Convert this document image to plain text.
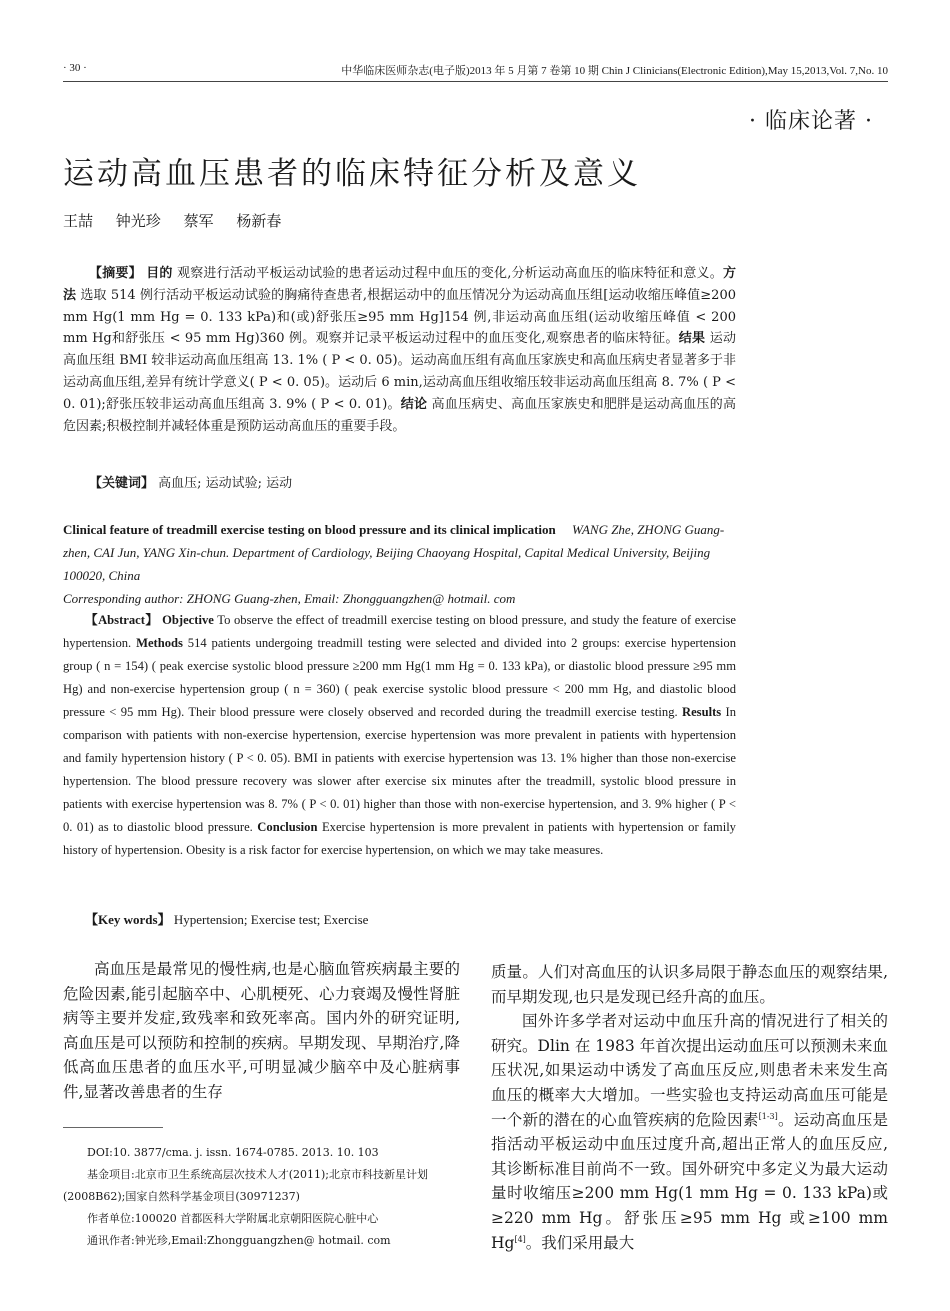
· 30 ·	中华临床医师杂志(电子版)2013 年 5 月第 7 卷第 10 期 Chin J Clinicians(Electronic Edition),May 15,2013,Vol. 7,No. 10
· 临床论著 ·
运动高血压患者的临床特征分析及意义
王喆 钟光珍 蔡军 杨新春

【摘要】 目的 观察进行活动平板运动试验的患者运动过程中血压的变化,分析运动高血压的临床特征和意义。方法 选取 514 例行活动平板运动试验的胸痛待查患者,根据运动中的血压情况分为运动高血压组[运动收缩压峰值≥200 mm Hg(1 mm Hg = 0. 133 kPa)和(或)舒张压≥95 mm Hg]154 例,非运动高血压组(运动收缩压峰值 < 200 mm Hg和舒张压 < 95 mm Hg)360 例。观察并记录平板运动过程中的血压变化,观察患者的临床特征。结果 运动高血压组 BMI 较非运动高血压组高 13. 1% ( P < 0. 05)。运动高血压组有高血压家族史和高血压病史者显著多于非运动高血压组,差异有统计学意义( P < 0. 05)。运动后 6 min,运动高血压组收缩压较非运动高血压组高 8. 7% ( P < 0. 01);舒张压较非运动高血压组高 3. 9% ( P < 0. 01)。结论 高血压病史、高血压家族史和肥胖是运动高血压的高危因素;积极控制并减轻体重是预防运动高血压的重要手段。

【关键词】 高血压; 运动试验; 运动
Clinical feature of treadmill exercise testing on blood pressure and its clinical implication WANG Zhe, ZHONG Guang-zhen, CAI Jun, YANG Xin-chun. Department of Cardiology, Beijing Chaoyang Hospital, Capital Medical University, Beijing 100020, China
Corresponding author: ZHONG Guang-zhen, Email: Zhongguangzhen@ hotmail. com

【Abstract】 Objective To observe the effect of treadmill exercise testing on blood pressure, and study the feature of exercise hypertension. Methods 514 patients undergoing treadmill testing were selected and divided into 2 groups: exercise hypertension group ( n = 154) ( peak exercise systolic blood pressure ≥200 mm Hg(1 mm Hg = 0. 133 kPa), or diastolic blood pressure ≥95 mm Hg) and non-exercise hypertension group ( n = 360) ( peak exercise systolic blood pressure < 200 mm Hg, and diastolic blood pressure < 95 mm Hg). Their blood pressure were closely observed and recorded during the treadmill exercise testing. Results In comparison with patients with non-exercise hypertension, exercise hypertension was more prevalent in patients with hypertension and family hypertension history ( P < 0. 05). BMI in patients with exercise hypertension was 13. 1% higher than those non-exercise hypertension. The blood pressure recovery was slower after exercise six minutes after the treadmill, systolic blood pressure in patients with exercise hypertension was 8. 7% ( P < 0. 01) higher than those with non-exercise hypertension, and 3. 9% higher ( P < 0. 01) as to diastolic blood pressure. Conclusion Exercise hypertension is more prevalent in patients with hypertension or family history of hypertension. Obesity is a risk factor for exercise hypertension, on which we may take measures.

【Key words】 Hypertension; Exercise test; Exercise

高血压是最常见的慢性病,也是心脑血管疾病最主要的危险因素,能引起脑卒中、心肌梗死、心力衰竭及慢性肾脏病等主要并发症,致残率和致死率高。国内外的研究证明,高血压是可以预防和控制的疾病。早期发现、早期治疗,降低高血压患者的血压水平,可明显减少脑卒中及心脏病事件,显著改善患者的生存

质量。人们对高血压的认识多局限于静态血压的观察结果,而早期发现,也只是发现已经升高的血压。

国外许多学者对运动中血压升高的情况进行了相关的研究。Dlin 在 1983 年首次提出运动血压可以预测未来血压状况,如果运动中诱发了高血压反应,则患者未来发生高血压的概率大大增加。一些实验也支持运动高血压可能是一个新的潜在的心血管疾病的危险因素[1-3]。运动高血压是指活动平板运动中血压过度升高,超出正常人的血压反应,其诊断标准目前尚不一致。国外研究中多定义为最大运动量时收缩压≥200 mm Hg(1 mm Hg = 0. 133 kPa)或≥220 mm Hg。舒张压≥95 mm Hg 或≥100 mm Hg[4]。我们采用最大

DOI:10. 3877/cma. j. issn. 1674-0785. 2013. 10. 103

基金项目:北京市卫生系统高层次技术人才(2011);北京市科技新星计划(2008B62);国家自然科学基金项目(30971237)

作者单位:100020 首都医科大学附属北京朝阳医院心脏中心

通讯作者:钟光珍,Email:Zhongguangzhen@ hotmail. com
